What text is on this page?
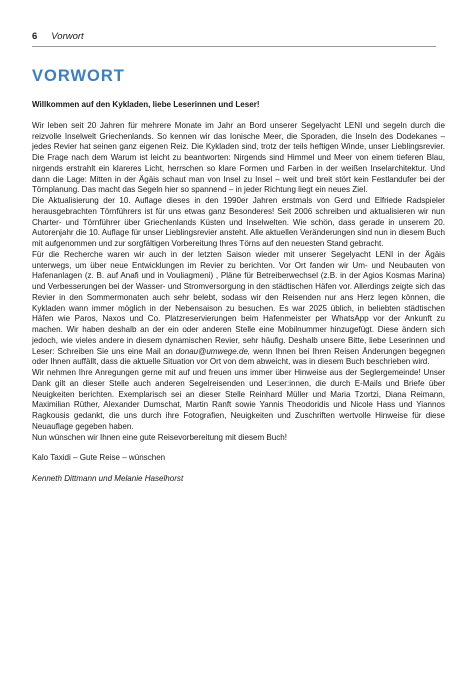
6 Vorwort
VORWORT

Willkommen auf den Kykladen, liebe Leserinnen und Leser!

Wir leben seit 20 Jahren für mehrere Monate im Jahr an Bord unserer Segelyacht LENI und segeln durch die reizvolle Inselwelt Griechenlands. So kennen wir das Ionische Meer, die Sporaden, die Inseln des Dodekanes – jedes Revier hat seinen ganz eigenen Reiz. Die Kykladen sind, trotz der teils heftigen Winde, unser Lieblingsrevier. Die Frage nach dem Warum ist leicht zu beantworten: Nirgends sind Himmel und Meer von einem tieferen Blau, nirgends erstrahlt ein klareres Licht, herrschen so klare Formen und Farben in der weißen Inselarchitektur. Und dann die Lage: Mitten in der Ägäis schaut man von Insel zu Insel – weit und breit stört kein Festlandufer bei der Törnplanung. Das macht das Segeln hier so spannend – in jeder Richtung liegt ein neues Ziel.

Die Aktualisierung der 10. Auflage dieses in den 1990er Jahren erstmals von Gerd und Elfriede Radspieler herausgebrachten Törnführers ist für uns etwas ganz Besonderes! Seit 2006 schreiben und aktualisieren wir nun Charter- und Törnführer über Griechenlands Küsten und Inselwelten. Wie schön, dass gerade in unserem 20. Autorenjahr die 10. Auflage für unser Lieblingsrevier ansteht. Alle aktuellen Veränderungen sind nun in diesem Buch mit aufgenommen und zur sorgfältigen Vorbereitung Ihres Törns auf den neuesten Stand gebracht.

Für die Recherche waren wir auch in der letzten Saison wieder mit unserer Segelyacht LENI in der Ägäis unterwegs, um über neue Entwicklungen im Revier zu berichten. Vor Ort fanden wir Um- und Neubauten von Hafenanlagen (z. B. auf Anafi und in Vouliagmeni) , Pläne für Betreiberwechsel (z.B. in der Agios Kosmas Marina) und Verbesserungen bei der Wasser- und Stromversorgung in den städtischen Häfen vor. Allerdings zeigte sich das Revier in den Sommermonaten auch sehr belebt, sodass wir den Reisenden nur ans Herz legen können, die Kykladen wann immer möglich in der Nebensaison zu besuchen. Es war 2025 üblich, in beliebten städtischen Häfen wie Paros, Naxos und Co. Platzreservierungen beim Hafenmeister per WhatsApp vor der Ankunft zu machen. Wir haben deshalb an der ein oder anderen Stelle eine Mobilnummer hinzugefügt. Diese ändern sich jedoch, wie vieles andere in diesem dynamischen Revier, sehr häufig. Deshalb unsere Bitte, liebe Leserinnen und Leser: Schreiben Sie uns eine Mail an donau@umwege.de, wenn Ihnen bei Ihren Reisen Änderungen begegnen oder Ihnen auffällt, dass die aktuelle Situation vor Ort von dem abweicht, was in diesem Buch beschrieben wird.

Wir nehmen Ihre Anregungen gerne mit auf und freuen uns immer über Hinweise aus der Seglergemeinde! Unser Dank gilt an dieser Stelle auch anderen Segelreisenden und Leser:innen, die durch E-Mails und Briefe über Neuigkeiten berichten. Exemplarisch sei an dieser Stelle Reinhard Müller und Maria Tzortzi, Diana Reimann, Maximilian Rüther, Alexander Dumschat, Martin Ranft sowie Yannis Theodoridis und Nicole Hass und Yiannos Ragkousis gedankt, die uns durch ihre Fotografien, Neuigkeiten und Zuschriften wertvolle Hinweise für diese Neuauflage gegeben haben.

Nun wünschen wir Ihnen eine gute Reisevorbereitung mit diesem Buch!

Kalo Taxidi – Gute Reise – wünschen

Kenneth Dittmann und Melanie Haselhorst
